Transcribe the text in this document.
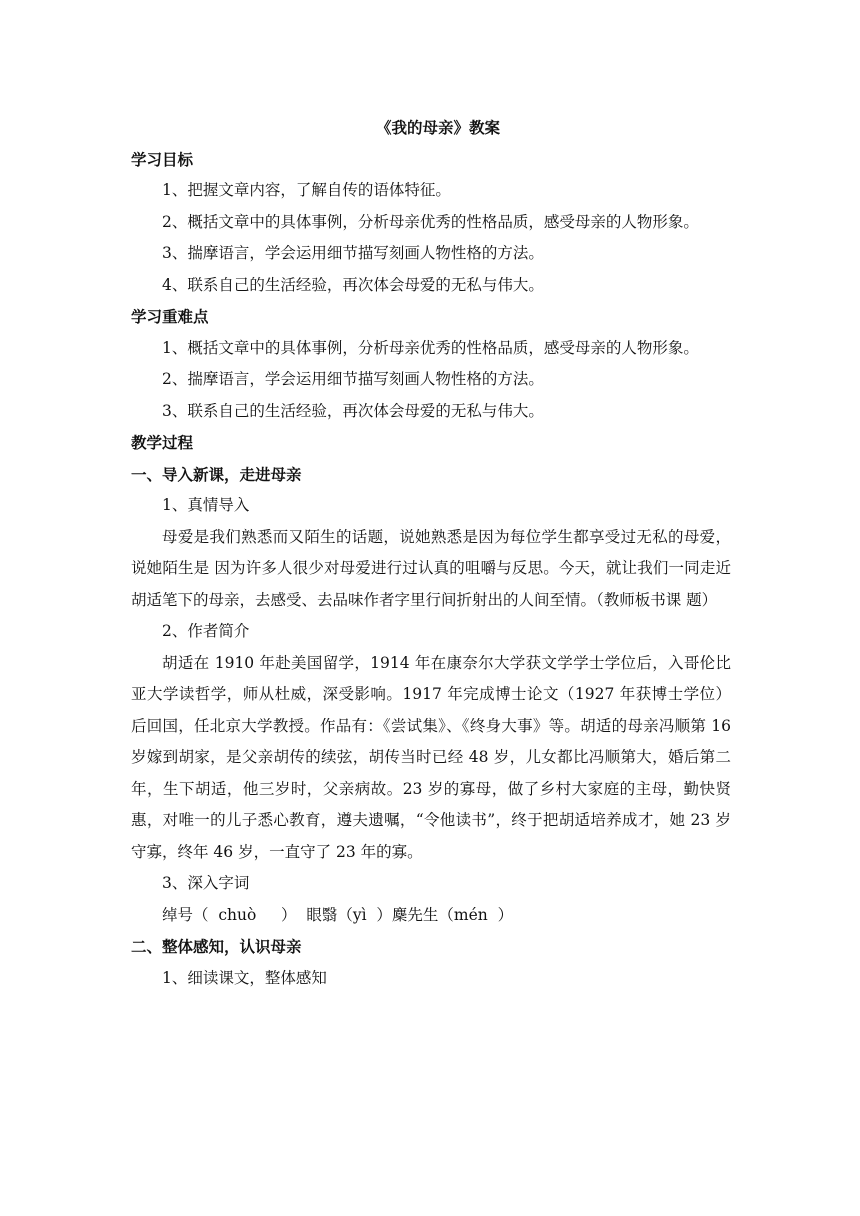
《我的母亲》教案

学习目标

1、把握文章内容，了解自传的语体特征。

2、概括文章中的具体事例，分析母亲优秀的性格品质，感受母亲的人物形象。

3、揣摩语言，学会运用细节描写刻画人物性格的方法。

4、联系自己的生活经验，再次体会母爱的无私与伟大。

学习重难点

1、概括文章中的具体事例，分析母亲优秀的性格品质，感受母亲的人物形象。

2、揣摩语言，学会运用细节描写刻画人物性格的方法。

3、联系自己的生活经验，再次体会母爱的无私与伟大。

教学过程

一、导入新课，走进母亲

1、真情导入

母爱是我们熟悉而又陌生的话题，说她熟悉是因为每位学生都享受过无私的母爱，说她陌生是 因为许多人很少对母爱进行过认真的咀嚼与反思。今天，就让我们一同走近胡适笔下的母亲，去感受、去品味作者字里行间折射出的人间至情。（教师板书课 题）

2、作者简介

胡适在 1910 年赴美国留学，1914 年在康奈尔大学获文学学士学位后，入哥伦比亚大学读哲学，师从杜威，深受影响。1917 年完成博士论文（1927 年获博士学位）后回国，任北京大学教授。作品有：《尝试集》、《终身大事》等。胡适的母亲冯顺第 16 岁嫁到胡家，是父亲胡传的续弦，胡传当时已经 48 岁，儿女都比冯顺第大，婚后第二年，生下胡适，他三岁时，父亲病故。23 岁的寡母，做了乡村大家庭的主母，勤快贤惠，对唯一的儿子悉心教育，遵夫遗嘱，“令他读书”，终于把胡适培养成才，她 23 岁守寡，终年 46 岁，一直守了 23 年的寡。

3、深入字词

绰号（  chuò     ）  眼翳（yì  ）麇先生（mén  ）

二、整体感知，认识母亲

1、细读课文，整体感知
